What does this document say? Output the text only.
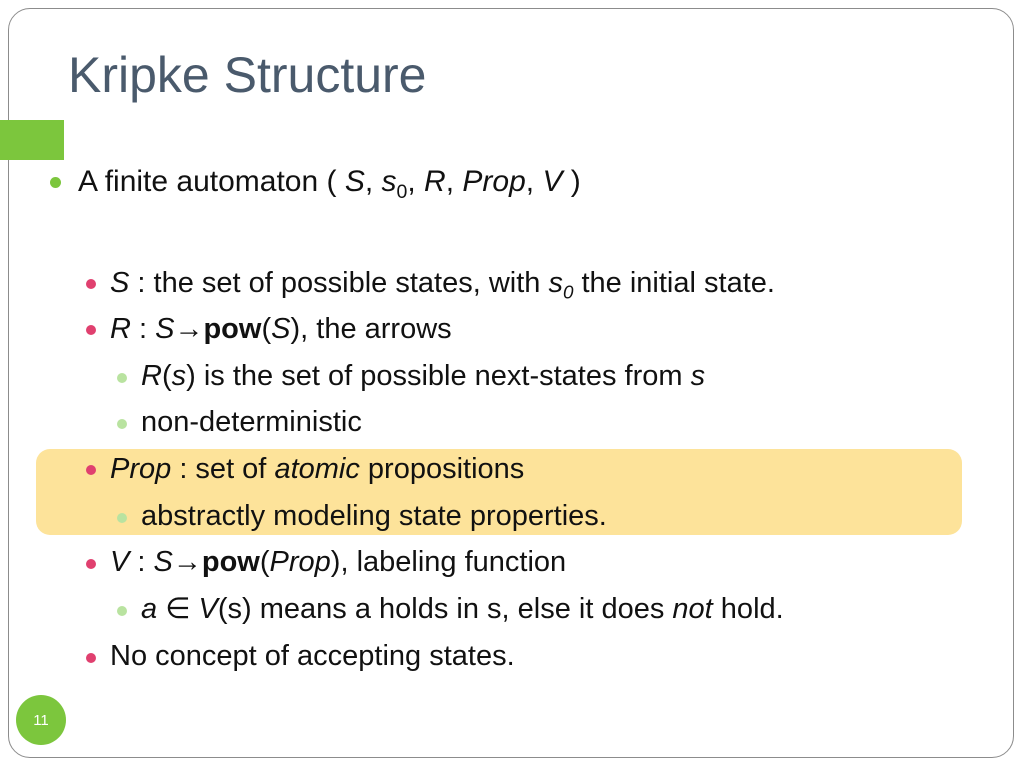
Kripke Structure
A finite automaton ( S, $s_0$, R, Prop, V )
S : the set of possible states, with $s_0$ the initial state.
R : S→pow(S), the arrows
R(s) is the set of possible next-states from s
non-deterministic
Prop : set of atomic propositions
abstractly modeling state properties.
V : S→pow(Prop), labeling function
a ∈ V(s) means a holds in s, else it does not hold.
No concept of accepting states.
11
